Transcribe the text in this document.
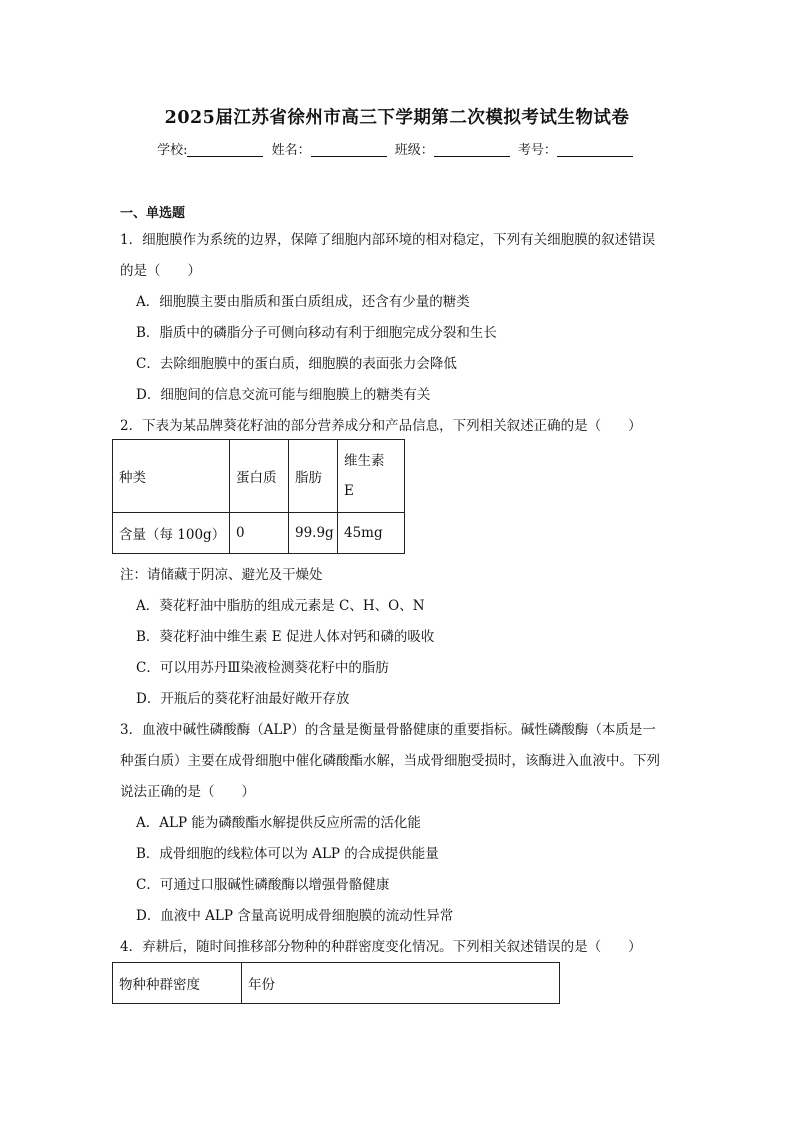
2025届江苏省徐州市高三下学期第二次模拟考试生物试卷
学校:	姓名：	班级：	考号：
一、单选题
1．细胞膜作为系统的边界，保障了细胞内部环境的相对稳定，下列有关细胞膜的叙述错误
的是（　　）
A．细胞膜主要由脂质和蛋白质组成，还含有少量的糖类
B．脂质中的磷脂分子可侧向移动有利于细胞完成分裂和生长
C．去除细胞膜中的蛋白质，细胞膜的表面张力会降低
D．细胞间的信息交流可能与细胞膜上的糖类有关
2．下表为某品牌葵花籽油的部分营养成分和产品信息，下列相关叙述正确的是（　　）
种类	蛋白质	脂肪	维生素
E

含量（每 100g）	0	99.9g	45mg
注：请储藏于阴凉、避光及干燥处
A．葵花籽油中脂肪的组成元素是 C、H、O、N
B．葵花籽油中维生素 E 促进人体对钙和磷的吸收
C．可以用苏丹Ⅲ染液检测葵花籽中的脂肪
D．开瓶后的葵花籽油最好敞开存放
3．血液中碱性磷酸酶（ALP）的含量是衡量骨骼健康的重要指标。碱性磷酸酶（本质是一
种蛋白质）主要在成骨细胞中催化磷酸酯水解，当成骨细胞受损时，该酶进入血液中。下列
说法正确的是（　　）
A．ALP 能为磷酸酯水解提供反应所需的活化能
B．成骨细胞的线粒体可以为 ALP 的合成提供能量
C．可通过口服碱性磷酸酶以增强骨骼健康
D．血液中 ALP 含量高说明成骨细胞膜的流动性异常
4．弃耕后，随时间推移部分物种的种群密度变化情况。下列相关叙述错误的是（　　）
物种种群密度	年份
